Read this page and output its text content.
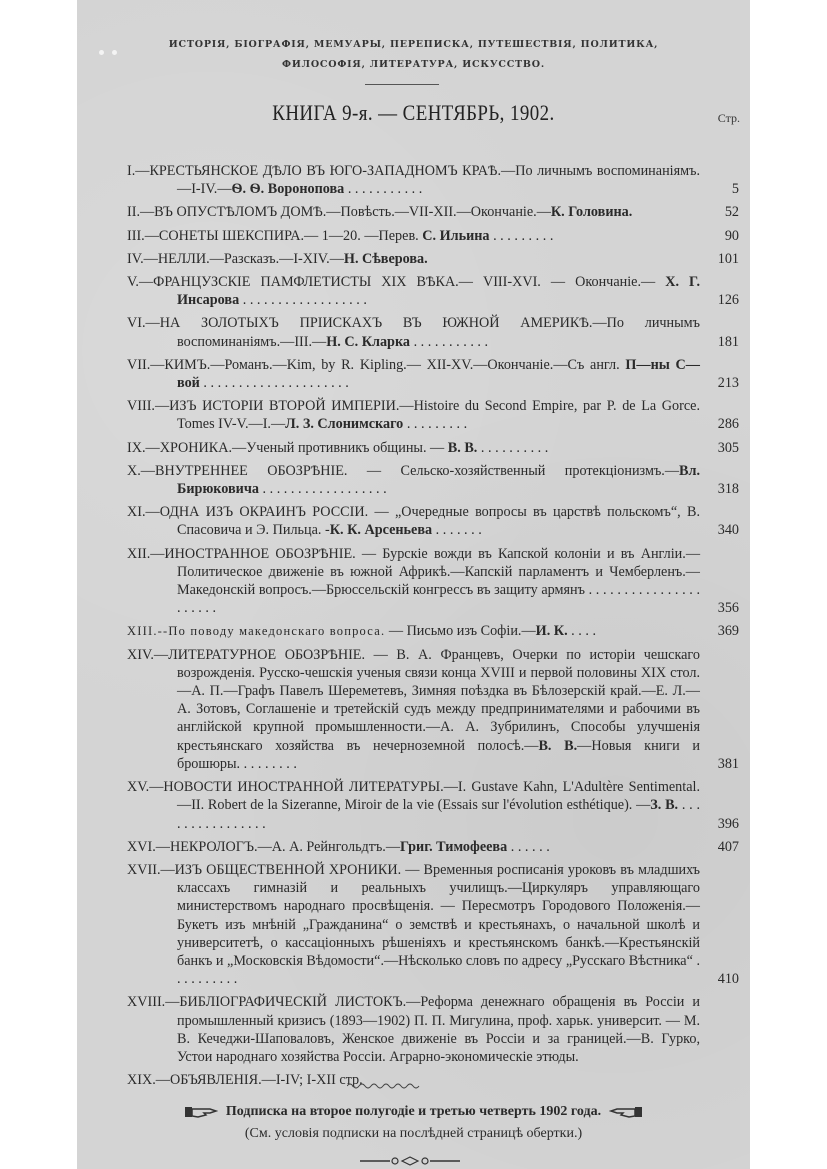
ИСТОРІЯ, БІОГРАФІЯ, МЕМУАРЫ, ПЕРЕПИСКА, ПУТЕШЕСТВІЯ, ПОЛИТИКА,
ФИЛОСОФІЯ, ЛИТЕРАТУРА, ИСКУССТВО.
КНИГА 9-я. — СЕНТЯБРЬ, 1902.	Стр.
I.—КРЕСТЬЯНСКОЕ ДѢЛО ВЪ ЮГО-ЗАПАДНОМЪ КРАѢ.—По личнымъ воспоминаніямъ.—I-IV.—Ѳ. Ѳ. Воронопова . . . . . . . . . . .	5
II.—ВЪ ОПУСТѢЛОМЪ ДОМѢ.—Повѣсть.—VII-XII.—Окончаніе.—К. Головина.	52
III.—СОНЕТЫ ШЕКСПИРА.— 1—20. —Перев. С. Ильина . . . . . . . . .	90
IV.—НЕЛЛИ.—Разсказъ.—I-XIV.—Н. Сѣверова.	101
V.—ФРАНЦУЗСКІЕ ПАМФЛЕТИСТЫ XIX ВѢКА.— VIII-XVI. — Окончаніе.— Х. Г. Инсарова . . . . . . . . . . . . . . . . . .	126
VI.—НА ЗОЛОТЫХЪ ПРІИСКАХЪ ВЪ ЮЖНОЙ АМЕРИКѢ.—По личнымъ воспоминаніямъ.—III.—Н. С. Кларка . . . . . . . . . . .	181
VII.—КИМЪ.—Романъ.—Kim, by R. Kipling.— XII-XV.—Окончаніе.—Съ англ. П—ны С—вой . . . . . . . . . . . . . . . . . . . . .	213
VIII.—ИЗЪ ИСТОРІИ ВТОРОЙ ИМПЕРІИ.—Histoire du Second Empire, par P. de La Gorce. Tomes IV-V.—I.—Л. З. Слонимскаго . . . . . . . . .	286
IX.—ХРОНИКА.—Ученый противникъ общины. — В. В. . . . . . . . . . .	305
X.—ВНУТРЕННЕЕ ОБОЗРѢНІЕ. — Сельско-хозяйственный протекціонизмъ.—Вл. Бирюковича . . . . . . . . . . . . . . . . . .	318
XI.—ОДНА ИЗЪ ОКРАИНЪ РОССІИ. — „Очередные вопросы въ царствѣ польскомъ“, В. Спасовича и Э. Пильца. -К. К. Арсеньева . . . . . . .	340
XII.—ИНОСТРАННОЕ ОБОЗРѢНІЕ. — Бурскіе вожди въ Капской колоніи и въ Англіи.—Политическое движеніе въ южной Африкѣ.—Капскій парламентъ и Чемберленъ.—Македонскій вопросъ.—Брюссельскій конгрессъ въ защиту армянъ . . . . . . . . . . . . . . . . . . . . . .	356
XIII.--По поводу македонскаго вопроса. — Письмо изъ Софіи.—И. К. . . . .	369
XIV.—ЛИТЕРАТУРНОЕ ОБОЗРѢНІЕ. — В. А. Францевъ, Очерки по исторіи чешскаго возрожденія. Русско-чешскія ученыя связи конца XVIII и первой половины XIX стол.—А. П.—Графъ Павелъ Шереметевъ, Зимняя поѣздка въ Бѣлозерскій край.—Е. Л.—А. Зотовъ, Соглашеніе и третейскій судъ между предпринимателями и рабочими въ англійской крупной промышленности.—А. А. Зубрилинъ, Способы улучшенія крестьянскаго хозяйства въ нечерноземной полосѣ.—В. В.—Новыя книги и брошюры. . . . . . . . .	381
XV.—НОВОСТИ ИНОСТРАННОЙ ЛИТЕРАТУРЫ.—I. Gustave Kahn, L'Adultère Sentimental.—II. Robert de la Sizeranne, Miroir de la vie (Essais sur l'évolution esthétique). —З. В. . . . . . . . . . . . . . . . .	396
XVI.—НЕКРОЛОГЪ.—А. А. Рейнгольдтъ.—Григ. Тимофеева . . . . . .	407
XVII.—ИЗЪ ОБЩЕСТВЕННОЙ ХРОНИКИ. — Временныя росписанія уроковъ въ младшихъ классахъ гимназій и реальныхъ училищъ.—Циркуляръ управляющаго министерствомъ народнаго просвѣщенія. — Пересмотръ Городового Положенія.—Букетъ изъ мнѣній „Гражданина“ о земствѣ и крестьянахъ, о начальной школѣ и университетѣ, о кассаціонныхъ рѣшеніяхъ и крестьянскомъ банкѣ.—Крестьянскій банкъ и „Московскія Вѣдомости“.—Нѣсколько словъ по адресу „Русскаго Вѣстника“ . . . . . . . . . .	410
XVIII.—БИБЛІОГРАФИЧЕСКІЙ ЛИСТОКЪ.—Реформа денежнаго обращенія въ Россіи и промышленный кризисъ (1893—1902) П. П. Мигулина, проф. харьк. университ. — М. В. Кечеджи-Шаповаловъ, Женское движеніе въ Россіи и за границей.—В. Гурко, Устои народнаго хозяйства Россіи. Аграрно-экономическіе этюды.
XIX.—ОБЪЯВЛЕНІЯ.—I-IV; I-XII стр.
Подписка на второе полугодіе и третью четверть 1902 года.
(См. условія подписки на послѣдней страницѣ обертки.)
